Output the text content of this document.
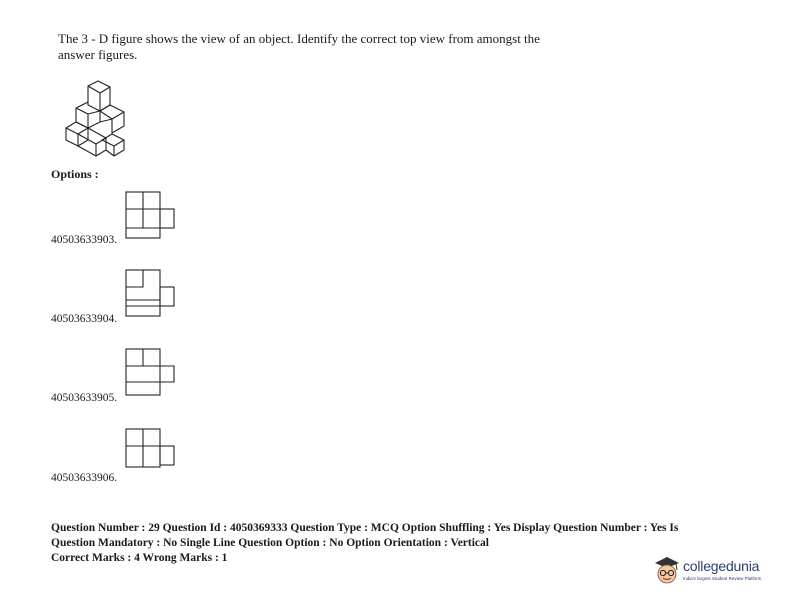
The 3 - D figure shows the view of an object. Identify the correct top view from amongst the
answer figures.
Options :
40503633903.
40503633904.
40503633905.
40503633906.
Question Number : 29 Question Id : 4050369333 Question Type : MCQ Option Shuffling : Yes Display Question Number : Yes Is
Question Mandatory : No Single Line Question Option : No Option Orientation : Vertical
Correct Marks : 4 Wrong Marks : 1	collegedunia
India's largest Student Review Platform
